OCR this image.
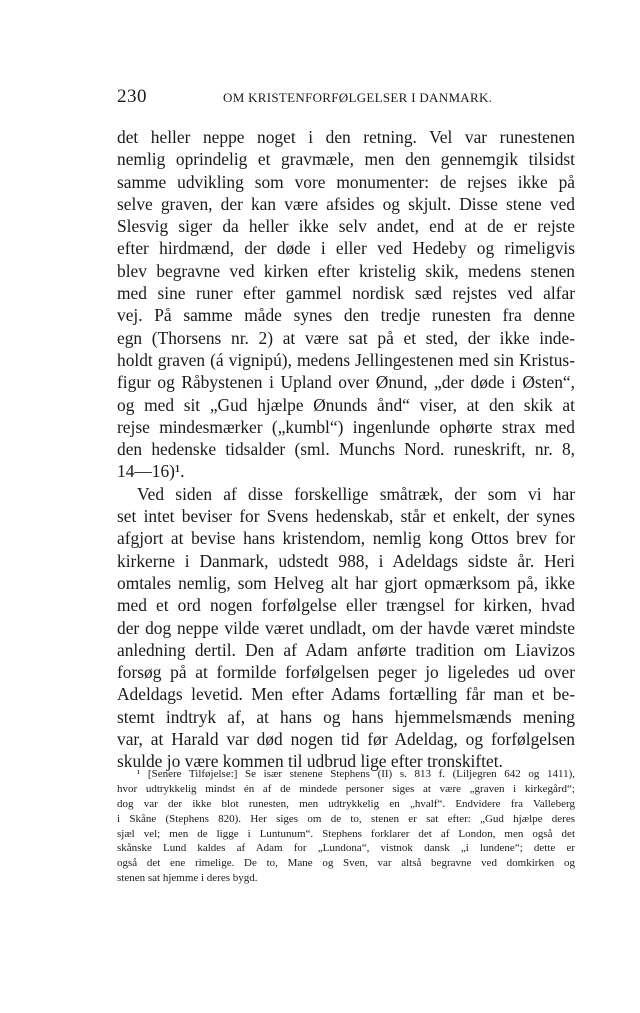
230	OM KRISTENFORFØLGELSER I DANMARK.
det heller neppe noget i den retning. Vel var runestenen
nemlig oprindelig et gravmæle, men den gennemgik tilsidst
samme udvikling som vore monumenter: de rejses ikke på
selve graven, der kan være afsides og skjult. Disse stene ved
Slesvig siger da heller ikke selv andet, end at de er rejste
efter hirdmænd, der døde i eller ved Hedeby og rimeligvis
blev begravne ved kirken efter kristelig skik, medens stenen
med sine runer efter gammel nordisk sæd rejstes ved alfar
vej. På samme måde synes den tredje runesten fra denne
egn (Thorsens nr. 2) at være sat på et sted, der ikke inde-
holdt graven (á vignipú), medens Jellingestenen med sin Kristus-
figur og Råbystenen i Upland over Ønund, „der døde i Østen“,
og med sit „Gud hjælpe Ønunds ånd“ viser, at den skik at
rejse mindesmærker („kumbl“) ingenlunde ophørte strax med
den hedenske tidsalder (sml. Munchs Nord. runeskrift, nr. 8,
14—16)¹.
Ved siden af disse forskellige småtræk, der som vi har
set intet beviser for Svens hedenskab, står et enkelt, der synes
afgjort at bevise hans kristendom, nemlig kong Ottos brev for
kirkerne i Danmark, udstedt 988, i Adeldags sidste år. Heri
omtales nemlig, som Helveg alt har gjort opmærksom på, ikke
med et ord nogen forfølgelse eller trængsel for kirken, hvad
der dog neppe vilde været undladt, om der havde været mindste
anledning dertil. Den af Adam anførte tradition om Liavizos
forsøg på at formilde forfølgelsen peger jo ligeledes ud over
Adeldags levetid. Men efter Adams fortælling får man et be-
stemt indtryk af, at hans og hans hjemmelsmænds mening
var, at Harald var død nogen tid før Adeldag, og forfølgelsen
skulde jo være kommen til udbrud lige efter tronskiftet.
¹ [Senere Tilføjelse:] Se især stenene Stephens (II) s. 813 f. (Liljegren 642 og 1411),
hvor udtrykkelig mindst én af de mindede personer siges at være „graven i kirkegård“;
dog var der ikke blot runesten, men udtrykkelig en „hvalf“. Endvidere fra Valleberg
i Skåne (Stephens 820). Her siges om de to, stenen er sat efter: „Gud hjælpe deres
sjæl vel; men de ligge i Luntunum“. Stephens forklarer det af London, men også det
skånske Lund kaldes af Adam for „Lundona“, vistnok dansk „i lundene“; dette er
også det ene rimelige. De to, Mane og Sven, var altså begravne ved domkirken og
stenen sat hjemme i deres bygd.
